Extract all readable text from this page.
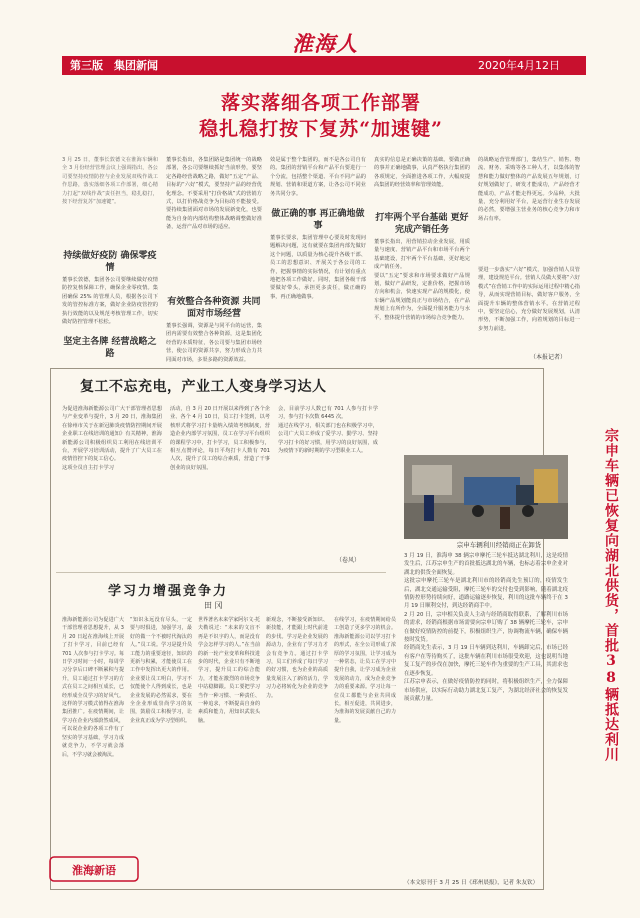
第三版 集团新闻
淮海人
2020年4月12日
落实落细各项工作部署
稳扎稳打按下复苏“加速键”
3 月 25 日，董事长敦德文在淮海车辆和全 3 月份经营管理会议上强调指出，各公司要坚持疫情防控与企业发展双线作战工作思路，落实落细各项工作部署，细心精力打起“双线作战”责任担当，稳扎稳打，按下经营复苏“加速键”。
持续做好疫防 确保零疫情
董事长敦德，集团各公司要继续做好疫情防控复核保障工作，确保企业零疫情。集团确保 25% 的管理人员，根据各公司下发的管控标准方案，做好企业防疫管控的执行效能的以及规范考核管理工作，切实做好防控管理不松松。
坚定主各牌 经营战略之路
董事长指出，各集团路是集团统一的战略部署，各公司要继续抓好当前形势，要坚定各路经营战略之路，做好“五定”产品、目标的“六好”模式，要坚持产品的经营优化理念。不要采用“打价格战”式的营销方式，以打价格战竞争为目标的不能接受。要持续集团面对市场的发展新变化，也要能为自身的内部结构整体战略调整做好准备，运营产品对市场的适应。
有效整合各种资源 共同面对市场经营
董事长强调，资源是与同平台的运营，集团内需要有效整合各种资源，这是集团化经营的本质特征，各公司要与集团市场经营，使公司的资源共享，努力形成合力共同面对市场，多渠多路的资源效益。
效是属于整个集团的，而不是各公司自有的。集团的营销平台和产品平台要进行一个分流，包括整个渠道、平台不同产品的规划、营销和渠道方案，让各公司不同业务共同分享。
做正确的事 再正确地做事
董事长要求，集团管理中心要及时发现问题解决问题，这有就要在集团内部先做好这个问题，以质量为核心提升各级干部、员工的思想意识、开展关于各公司的工作，把握事情的实际情况，有计划有重点地把各项工作做好。同时，集团各级干部要做好带头，承担更多责任，做正确的事，再正确地做事。
真实的信息是正确决策的基础。要做正确的事并正确地做事，认真严格执行集团的各项规定，全面推进各项工作，大幅度提高集团的经营效率和管理效能。
打牢两个平台基础 更好完成产销任务
董事长指出，用营销拉动企业发展，用质量与速度、营销产品平台和市场平台两个基础建设，打牢两个平台基础，更好地完成产销任务。
要以“五定”要求和市场要求做好产品规划，做好产品研发，定准价格，把握市场方向和机会，快速实现产品的规模化，使车辆产品规划能真正与市场结合，在产品规划上有所作为，全面提升服务能力与水平，整体提升营销的市场综合竞争能力。
的战略运营管理部门，集结生产、销售、物流、财务、采购等各工种人才，以集体的智慧和能力做好整体的产品发展五年规划，订好规划做好了，研发才能成功，产品经营才能成功，产品才能走得更远。少品种，大批量，充分利用好平台，是运营行业生存发展的必然，要增强主营业务的核心竞争力和市场占有率。
要进一步落实“六好”模式，加强营销人员管理，建设规范平台。营销人员做大要将“六好模式”在营销工作中的实际运用过程中精心指导，从而实现营销目标，做好客户服务，全面提升车辆的整体营销水平。在营销过程中，要坚定信心，充分做好发展规划，认清形势，不断加强工作，向着规划的目标进一步努力前进。
（本报记者）
复工不忘充电，产业工人变身学习达人
为促进淮海新能源公司广大干部管理者思想与产业变革与提升，3 月 20 日，淮海集团在徐州市关于在新冠肺炎疫情防控期间开展企业职工在线培训的通知》有关精神，淮海新能源公司积极组织员工利用在线培训平台，开展学习培训活动，提升了广大员工在疫情管控下的复工信心。
这项全员自主打卡学习
活动，自 3 月 20 日开展以来得到了各个企业、各个 4 月 10 日，员工打卡签到，以考核形式将学习打卡量纳入绩效考核制度，营造企业内部学习氛围，员工在学习平台组织的课程学习中，打卡学习，员工积极参与，相互点赞评论，每日平均打卡人数有 701 人次，提升了员工的综合素质，营造了干事创业的良好氛围。
会，目前学习人数已有 701 人参与打卡学习，参与打卡次数 6445 次。
通过在线学习，相关部门也在积极学习中，公司广大员工养成了爱学习、勤学习、坚持学习打卡的好习惯，用学习的良好氛围，成为疫情下的新时期的学习型职业工人。
（卷风）
学习力增强竞争力
田 冈
淮海新能源公司为促进广大干部管理者思想提升，从 3 月 20 日起在淮海线上开展了打卡学习，目前已经有 701 人次参与打卡学习。每日学习时间一小时，每周学习分享后口碑不断累积与提升，员工通过打卡学习的方式在员工之间相互成长，已经形成全员学习的好风气。这样的学习模式值得在淮海集团推广。在疫情期间，让学习在企业内部蔚然成风，可以说企业的各项工作有了坚实的学习基础，学习力成就竞争力，不学习就会落后，不学习就会被淘汰。
“知识永远没有尽头，一定要与时俱进，加强学习，最好的做一个不被时代淘汰的人。”员工说。学习是提升员工能力的重要途径，知识的更新与积累，才能使员工在工作中发挥出更大的作用。企业要让员工明白，学习不仅能使个人得到成长，也是企业发展的必然需求，要在全企业形成崇尚学习的氛围，鼓励员工积极学习，让企业真正成为学习型组织。
世界著名未来学家阿尔文·托夫勒说过：“未来的文盲不再是不识字的人，而是没有学会怎样学习的人。”在当前的新一轮产业变革和科技进步的时代，企业只有不断地学习，提升员工的综合能力，才能在激烈的市场竞争中站稳脚跟。员工要把学习当作一种习惯、一种责任、一种追求，不断提高自身的素质和能力，用知识武装头脑。
新观念，不断接受新知识、新技能，才能跟上时代前进的步伐。学习是企业发展的源动力，企业有了学习力才会有竞争力。通过打卡学习，员工们养成了每日学习的好习惯，也为企业的高质量发展注入了新的活力，学习力必将转化为企业的竞争力。
在线学习，在疫情期间给员工创造了更多学习的机会。淮海新能源公司以学习打卡的形式，在全公司形成了浓厚的学习氛围，让学习成为一种常态，让员工在学习中提升自我，让学习成为企业发展的动力，成为企业竞争力的重要来源。学习让每一位员工都能与企业共同成长，相互促进，共同进步，为淮海的发展贡献自己的力量。
淮海新语
宗申车辆已恢复向湖北供货，首批38辆抵达利川
宗申车辆利川经销商正在卸货
3 月 19 日，淮海申 38 辆宗申摩托三轮车抵达湖北利川，这是疫情发生后，江苏宗申生产的首批抵达湖北的车辆，也标志着宗申企业对湖北的供货全面恢复。
这批宗申摩托三轮车是湖北利川市的经销商先生预订的，疫情发生后，湖北交通运输受阻，摩托三轮车的交付也受到影响，随着湖北疫情防控形势持续向好，道路运输逐步恢复，利川的这批车辆终于在 3 月 19 日顺利交付，到达经销商手中。
2 月 20 日，宗申相关负责人主动与经销商取得联系，了解利川市场的需求，经销商根据市场需要向宗申订购了 38 辆摩托三轮车，宗申在做好疫情防控的前提下，积极组织生产，协调物流车辆，确保车辆按时发货。
经销商先生表示，3 月 19 日车辆到达利川，车辆卸完后，市场已经有客户在等待购买了，这批车辆在利川市场很受欢迎，这也说明当地复工复产的步伐在加快，摩托三轮车作为重要的生产工具，其需求也在逐步恢复。
江苏宗申表示，在做好疫情防控的同时，将积极组织生产，全力保障市场供应，以实际行动助力湖北复工复产，为湖北经济社会的恢复发展贡献力量。
（本文原刊于 3 月 25 日《邳州晨报》，记者 朱友钦）
